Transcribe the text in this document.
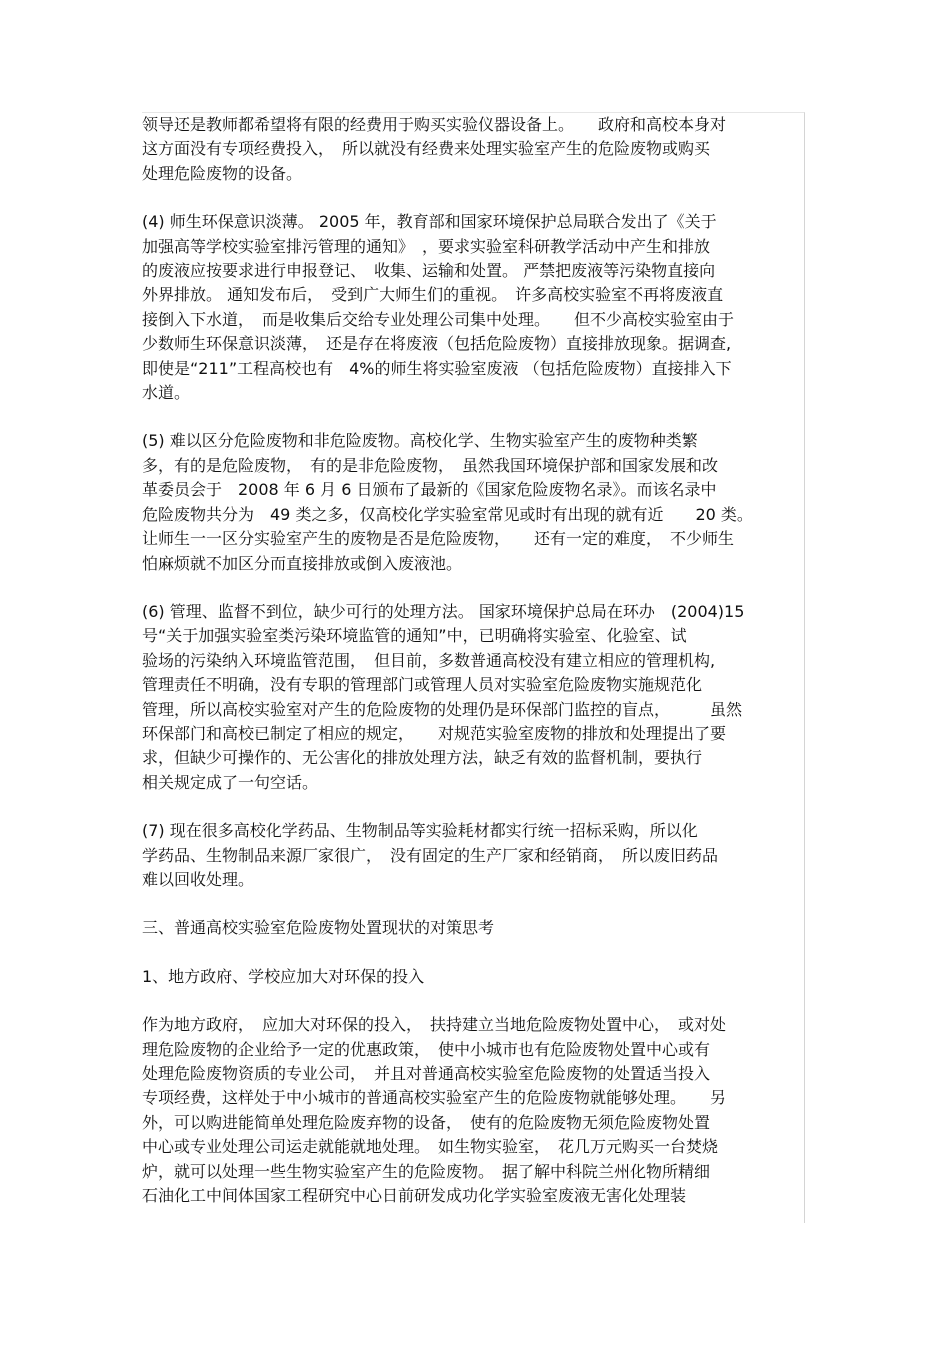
领导还是教师都希望将有限的经费用于购买实验仪器设备上。　　政府和高校本身对
这方面没有专项经费投入，　所以就没有经费来处理实验室产生的危险废物或购买
处理危险废物的设备。
(4) 师生环保意识淡薄。 2005 年，教育部和国家环境保护总局联合发出了《关于
加强高等学校实验室排污管理的通知》　，要求实验室科研教学活动中产生和排放
的废液应按要求进行申报登记、　收集、运输和处置。 严禁把废液等污染物直接向
外界排放。 通知发布后，　受到广大师生们的重视。　许多高校实验室不再将废液直
接倒入下水道，　而是收集后交给专业处理公司集中处理。　　但不少高校实验室由于
少数师生环保意识淡薄，　还是存在将废液（包括危险废物）直接排放现象。据调查,
即使是“211”工程高校也有　4%的师生将实验室废液 （包括危险废物）直接排入下
水道。
(5) 难以区分危险废物和非危险废物。高校化学、生物实验室产生的废物种类繁
多，有的是危险废物，　有的是非危险废物，　虽然我国环境保护部和国家发展和改
革委员会于　2008 年 6 月 6 日颁布了最新的《国家危险废物名录》。而该名录中
危险废物共分为　49 类之多，仅高校化学实验室常见或时有出现的就有近　　20 类。
让师生一一区分实验室产生的废物是否是危险废物，　　还有一定的难度，　不少师生
怕麻烦就不加区分而直接排放或倒入废液池。
(6) 管理、监督不到位，缺少可行的处理方法。 国家环境保护总局在环办　(2004)15
号“关于加强实验室类污染环境监管的通知”中，已明确将实验室、化验室、试
验场的污染纳入环境监管范围，　但目前，多数普通高校没有建立相应的管理机构,
管理责任不明确，没有专职的管理部门或管理人员对实验室危险废物实施规范化
管理，所以高校实验室对产生的危险废物的处理仍是环保部门监控的盲点，　　　虽然
环保部门和高校已制定了相应的规定，　　对规范实验室废物的排放和处理提出了要
求，但缺少可操作的、无公害化的排放处理方法，缺乏有效的监督机制，要执行
相关规定成了一句空话。
(7) 现在很多高校化学药品、生物制品等实验耗材都实行统一招标采购，所以化
学药品、生物制品来源厂家很广，　没有固定的生产厂家和经销商，　所以废旧药品
难以回收处理。
三、普通高校实验室危险废物处置现状的对策思考
1、地方政府、学校应加大对环保的投入
作为地方政府，　应加大对环保的投入，　扶持建立当地危险废物处置中心，　或对处
理危险废物的企业给予一定的优惠政策，　使中小城市也有危险废物处置中心或有
处理危险废物资质的专业公司，　并且对普通高校实验室危险废物的处置适当投入
专项经费，这样处于中小城市的普通高校实验室产生的危险废物就能够处理。　　另
外，可以购进能简单处理危险废弃物的设备，　使有的危险废物无须危险废物处置
中心或专业处理公司运走就能就地处理。　如生物实验室，　花几万元购买一台焚烧
炉，就可以处理一些生物实验室产生的危险废物。　据了解中科院兰州化物所精细
石油化工中间体国家工程研究中心日前研发成功化学实验室废液无害化处理装
